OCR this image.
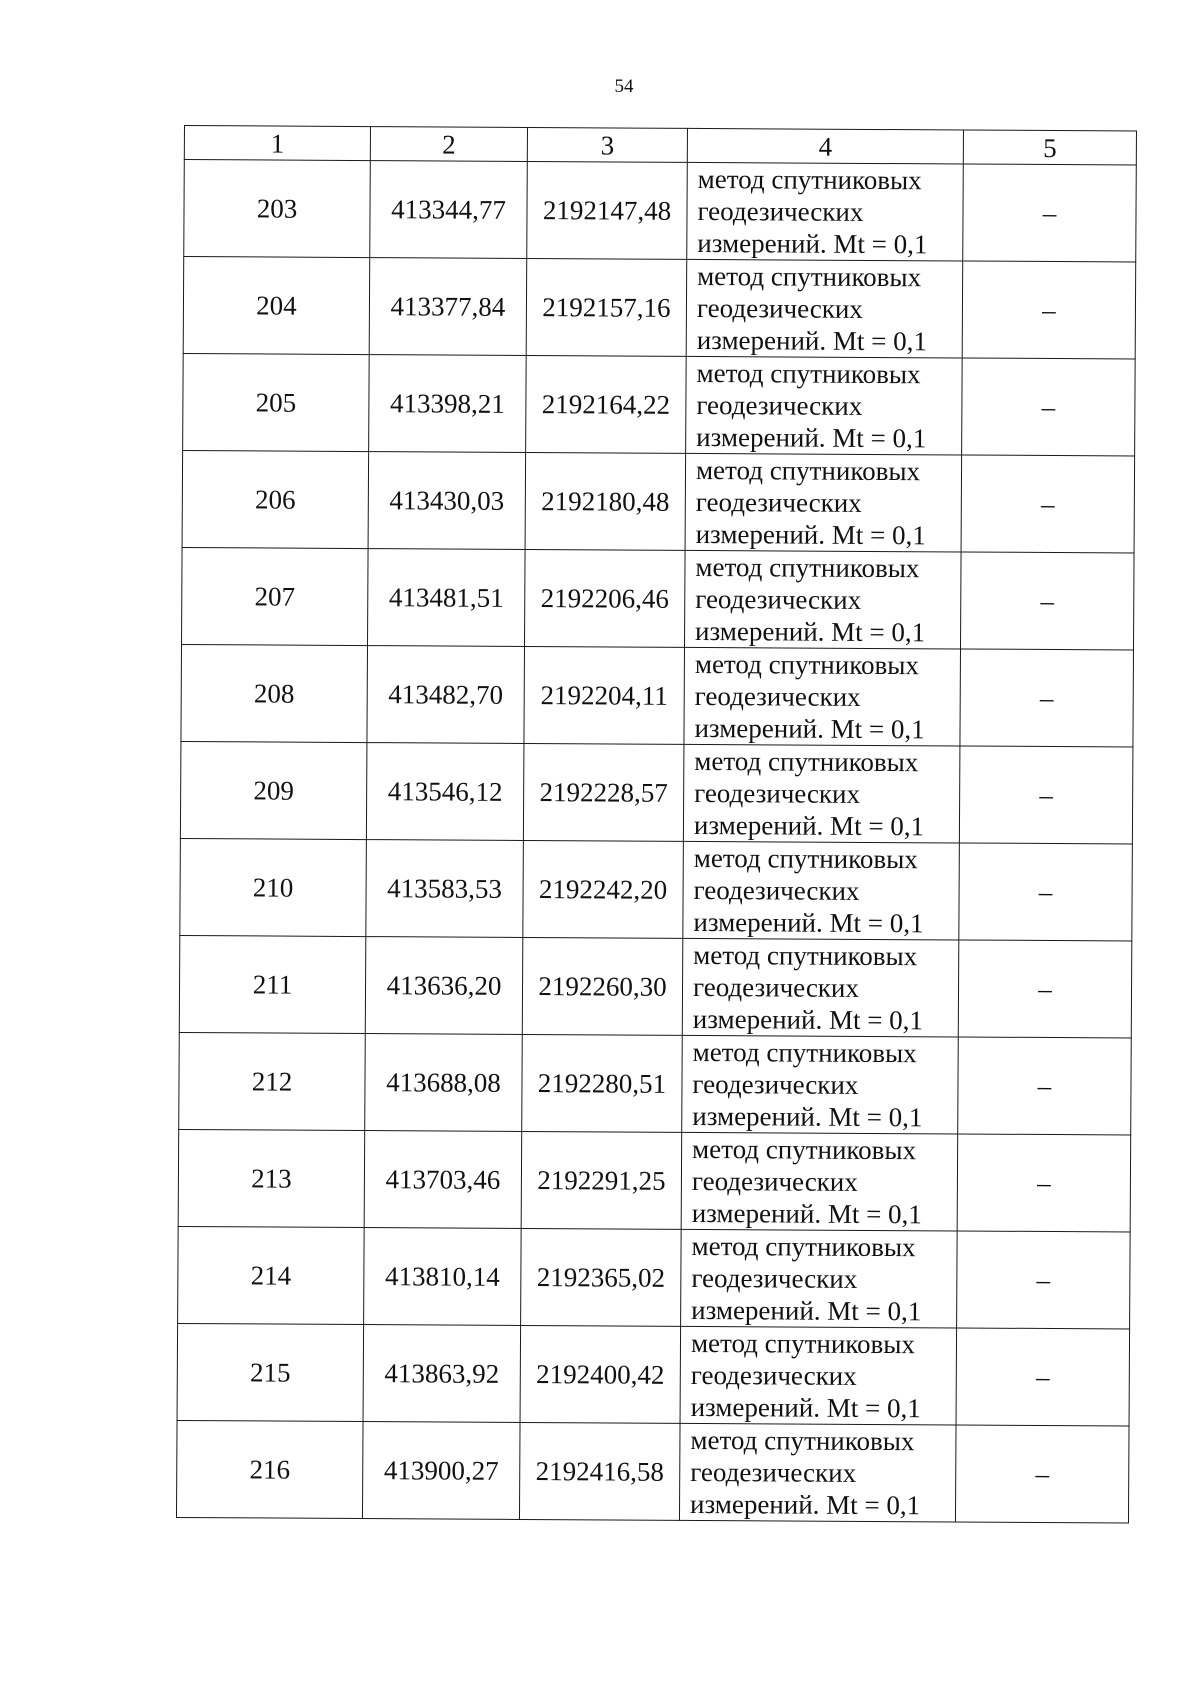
54
1	2	3	4	5
203	413344,77	2192147,48	метод спутниковых
геодезических
измерений. Mt = 0,1	–
204	413377,84	2192157,16	метод спутниковых
геодезических
измерений. Mt = 0,1	–
205	413398,21	2192164,22	метод спутниковых
геодезических
измерений. Mt = 0,1	–
206	413430,03	2192180,48	метод спутниковых
геодезических
измерений. Mt = 0,1	–
207	413481,51	2192206,46	метод спутниковых
геодезических
измерений. Mt = 0,1	–
208	413482,70	2192204,11	метод спутниковых
геодезических
измерений. Mt = 0,1	–
209	413546,12	2192228,57	метод спутниковых
геодезических
измерений. Mt = 0,1	–
210	413583,53	2192242,20	метод спутниковых
геодезических
измерений. Mt = 0,1	–
211	413636,20	2192260,30	метод спутниковых
геодезических
измерений. Mt = 0,1	–
212	413688,08	2192280,51	метод спутниковых
геодезических
измерений. Mt = 0,1	–
213	413703,46	2192291,25	метод спутниковых
геодезических
измерений. Mt = 0,1	–
214	413810,14	2192365,02	метод спутниковых
геодезических
измерений. Mt = 0,1	–
215	413863,92	2192400,42	метод спутниковых
геодезических
измерений. Mt = 0,1	–
216	413900,27	2192416,58	метод спутниковых
геодезических
измерений. Mt = 0,1	–
